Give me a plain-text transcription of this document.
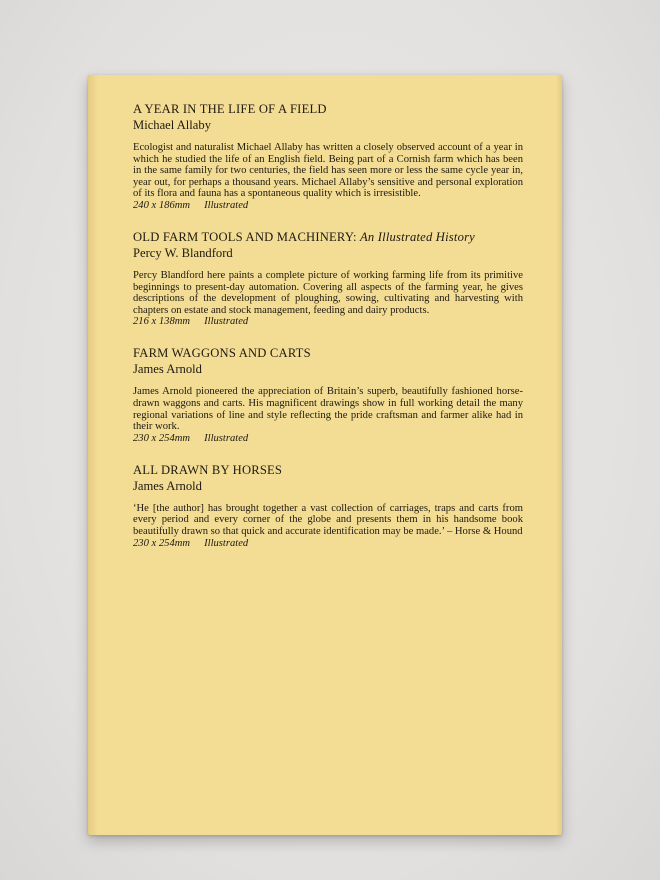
A YEAR IN THE LIFE OF A FIELD

Michael Allaby

Ecologist and naturalist Michael Allaby has written a closely observed account of a year in which he studied the life of an English field. Being part of a Cornish farm which has been in the same family for two centuries, the field has seen more or less the same cycle year in, year out, for perhaps a thousand years. Michael Allaby’s sensitive and personal exploration of its flora and fauna has a spontaneous quality which is irresistible.

240 x 186mm Illustrated

OLD FARM TOOLS AND MACHINERY: An Illustrated History

Percy W. Blandford

Percy Blandford here paints a complete picture of working farming life from its primitive beginnings to present-day automation. Covering all aspects of the farming year, he gives descriptions of the development of ploughing, sowing, cultivating and harvesting with chapters on estate and stock management, feeding and dairy products.

216 x 138mm Illustrated

FARM WAGGONS AND CARTS

James Arnold

James Arnold pioneered the appreciation of Britain’s superb, beautifully fashioned horse-drawn waggons and carts. His magnificent drawings show in full working detail the many regional variations of line and style reflecting the pride craftsman and farmer alike had in their work.

230 x 254mm Illustrated

ALL DRAWN BY HORSES

James Arnold

‘He [the author] has brought together a vast collection of carriages, traps and carts from every period and every corner of the globe and presents them in his handsome book beautifully drawn so that quick and accurate identification may be made.’ – Horse & Hound

230 x 254mm Illustrated
